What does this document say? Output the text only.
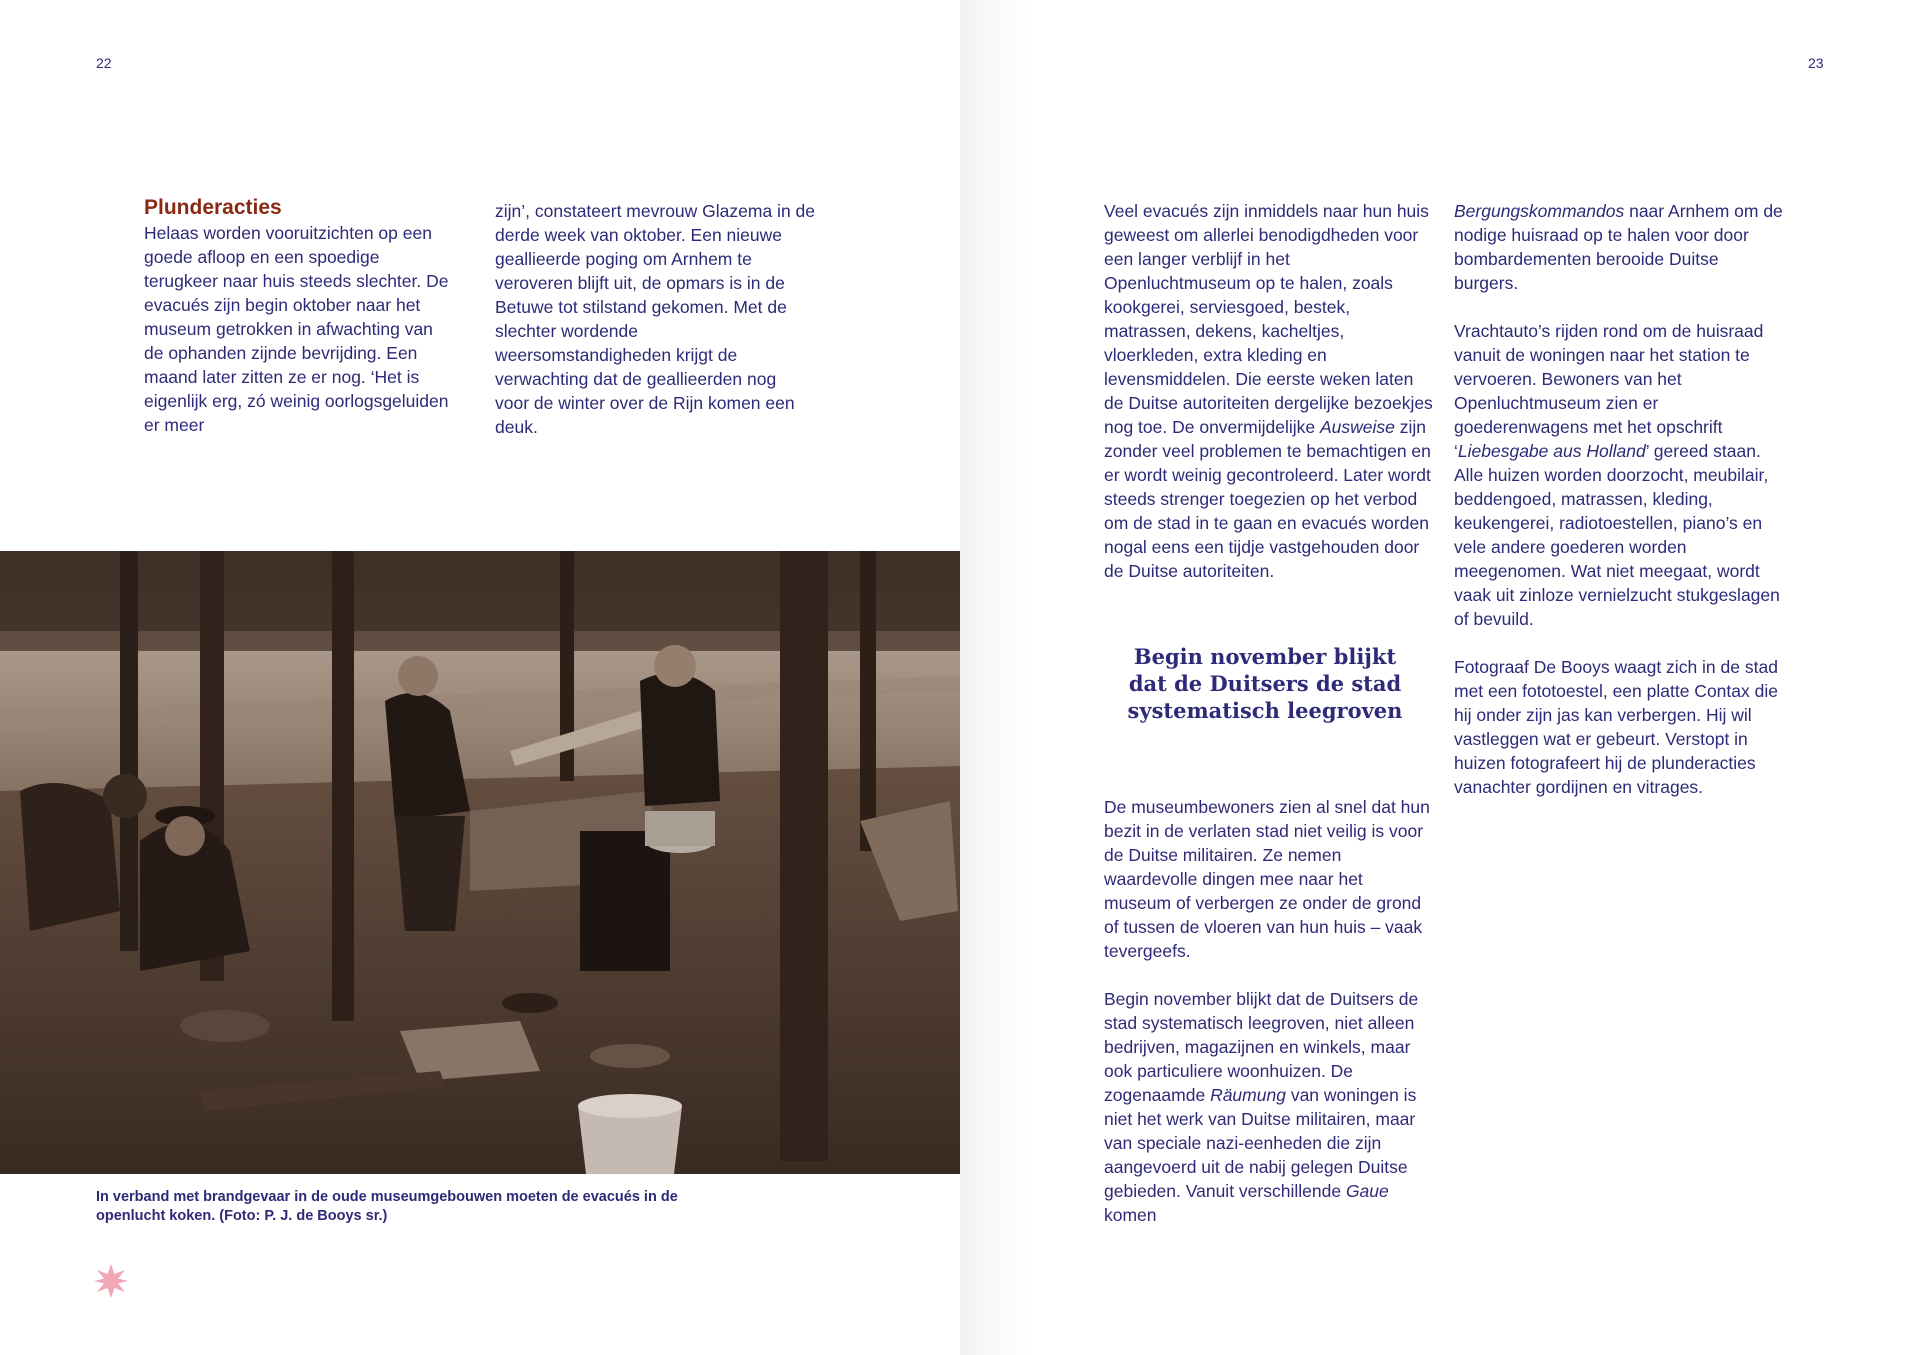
22
Plunderacties

Helaas worden vooruitzichten op een goede afloop en een spoedige terugkeer naar huis steeds slechter. De evacués zijn begin oktober naar het museum getrokken in afwachting van de ophanden zijnde bevrijding. Een maand later zitten ze er nog. ‘Het is eigenlijk erg, zó weinig oorlogsgeluiden er meer

zijn’, constateert mevrouw Glazema in de derde week van oktober. Een nieuwe geallieerde poging om Arnhem te veroveren blijft uit, de opmars is in de Betuwe tot stilstand gekomen. Met de slechter wordende weersomstandigheden krijgt de verwachting dat de geallieerden nog voor de winter over de Rijn komen een deuk.

In verband met brandgevaar in de oude museumgebouwen moeten de evacués in de openlucht koken. (Foto: P. J. de Booys sr.)
23

Veel evacués zijn inmiddels naar hun huis geweest om allerlei benodigdheden voor een langer verblijf in het Openluchtmuseum op te halen, zoals kookgerei, serviesgoed, bestek, matrassen, dekens, kacheltjes, vloerkleden, extra kleding en levensmiddelen. Die eerste weken laten de Duitse autoriteiten dergelijke bezoekjes nog toe. De onvermijdelijke Ausweise zijn zonder veel problemen te bemachtigen en er wordt weinig gecontroleerd. Later wordt steeds strenger toegezien op het verbod om de stad in te gaan en evacués worden nogal eens een tijdje vastgehouden door de Duitse autoriteiten.

Begin november blijkt dat de Duitsers de stad systematisch leegroven

De museumbewoners zien al snel dat hun bezit in de verlaten stad niet veilig is voor de Duitse militairen. Ze nemen waardevolle dingen mee naar het museum of verbergen ze onder de grond of tussen de vloeren van hun huis – vaak tevergeefs.

Begin november blijkt dat de Duitsers de stad systematisch leegroven, niet alleen bedrijven, magazijnen en winkels, maar ook particuliere woonhuizen. De zogenaamde Räumung van woningen is niet het werk van Duitse militairen, maar van speciale nazi-eenheden die zijn aangevoerd uit de nabij gelegen Duitse gebieden. Vanuit verschillende Gaue komen

Bergungskommandos naar Arnhem om de nodige huisraad op te halen voor door bombardementen berooide Duitse burgers.

Vrachtauto’s rijden rond om de huisraad vanuit de woningen naar het station te vervoeren. Bewoners van het Openluchtmuseum zien er goederenwagens met het opschrift ‘Liebesgabe aus Holland’ gereed staan. Alle huizen worden doorzocht, meubilair, beddengoed, matrassen, kleding, keukengerei, radiotoestellen, piano’s en vele andere goederen worden meegenomen. Wat niet meegaat, wordt vaak uit zinloze vernielzucht stukgeslagen of bevuild.

Fotograaf De Booys waagt zich in de stad met een fototoestel, een platte Contax die hij onder zijn jas kan verbergen. Hij wil vastleggen wat er gebeurt. Verstopt in huizen fotografeert hij de plunderacties vanachter gordijnen en vitrages.
